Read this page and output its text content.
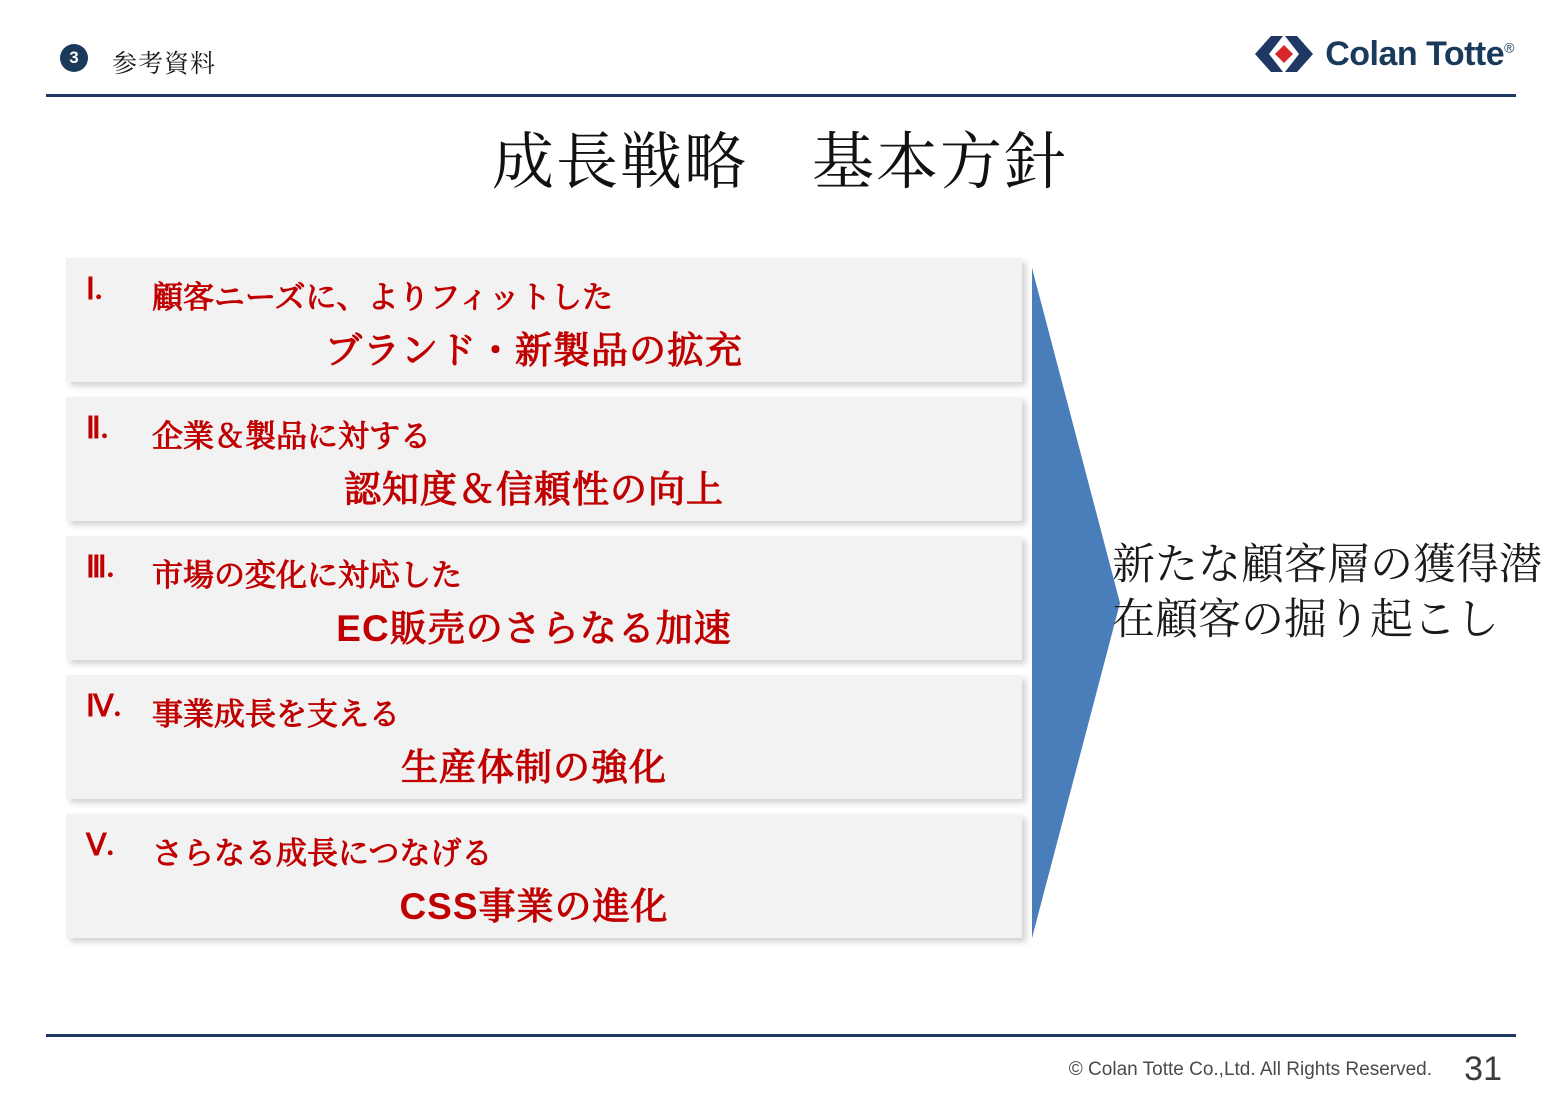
3	参考資料	Colan Totte®
成長戦略　基本方針
Ⅰ. 顧客ニーズに、よりフィットした
ブランド・新製品の拡充
Ⅱ. 企業＆製品に対する
認知度＆信頼性の向上
Ⅲ. 市場の変化に対応した
EC販売のさらなる加速
Ⅳ. 事業成長を支える
生産体制の強化
Ⅴ. さらなる成長につなげる
CSS事業の進化
新たな顧客層の獲得潜在顧客の掘り起こし
© Colan Totte Co.,Ltd. All Rights Reserved. 31
